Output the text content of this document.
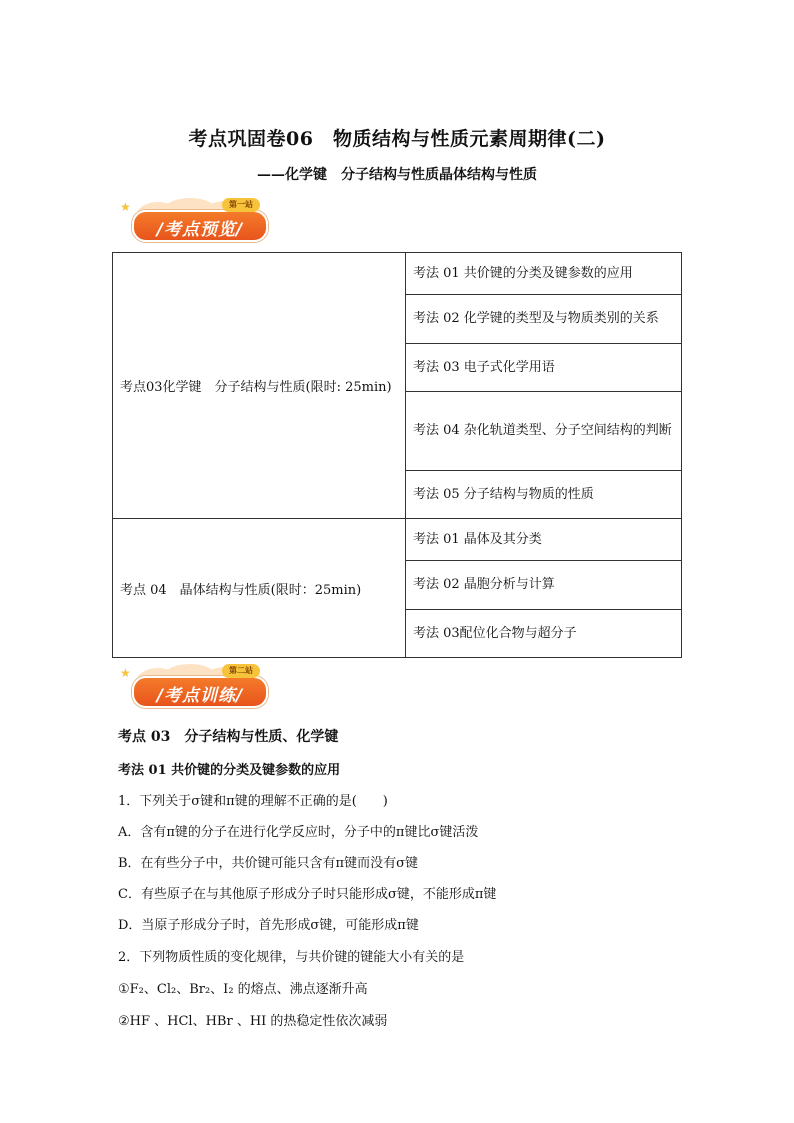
考点巩固卷06　物质结构与性质元素周期律(二)
——化学键　分子结构与性质晶体结构与性质
★
/考点预览/
第一站
考点03化学键　分子结构与性质(限时: 25min)	考法 01 共价键的分类及键参数的应用
	考法 02 化学键的类型及与物质类别的关系
	考法 03 电子式化学用语
	考法 04 杂化轨道类型、分子空间结构的判断
	考法 05 分子结构与物质的性质
考点 04　晶体结构与性质(限时：25min)	考法 01 晶体及其分类
	考法 02 晶胞分析与计算
	考法 03配位化合物与超分子
★
/考点训练/
第二站
考点 03　分子结构与性质、化学键
考法 01 共价键的分类及键参数的应用
1．下列关于σ键和π键的理解不正确的是(　　)
A．含有π键的分子在进行化学反应时，分子中的π键比σ键活泼
B．在有些分子中，共价键可能只含有π键而没有σ键
C．有些原子在与其他原子形成分子时只能形成σ键，不能形成π键
D．当原子形成分子时，首先形成σ键，可能形成π键
2．下列物质性质的变化规律，与共价键的键能大小有关的是
①F₂、Cl₂、Br₂、I₂ 的熔点、沸点逐渐升高
②HF 、HCl、HBr 、HI 的热稳定性依次减弱
